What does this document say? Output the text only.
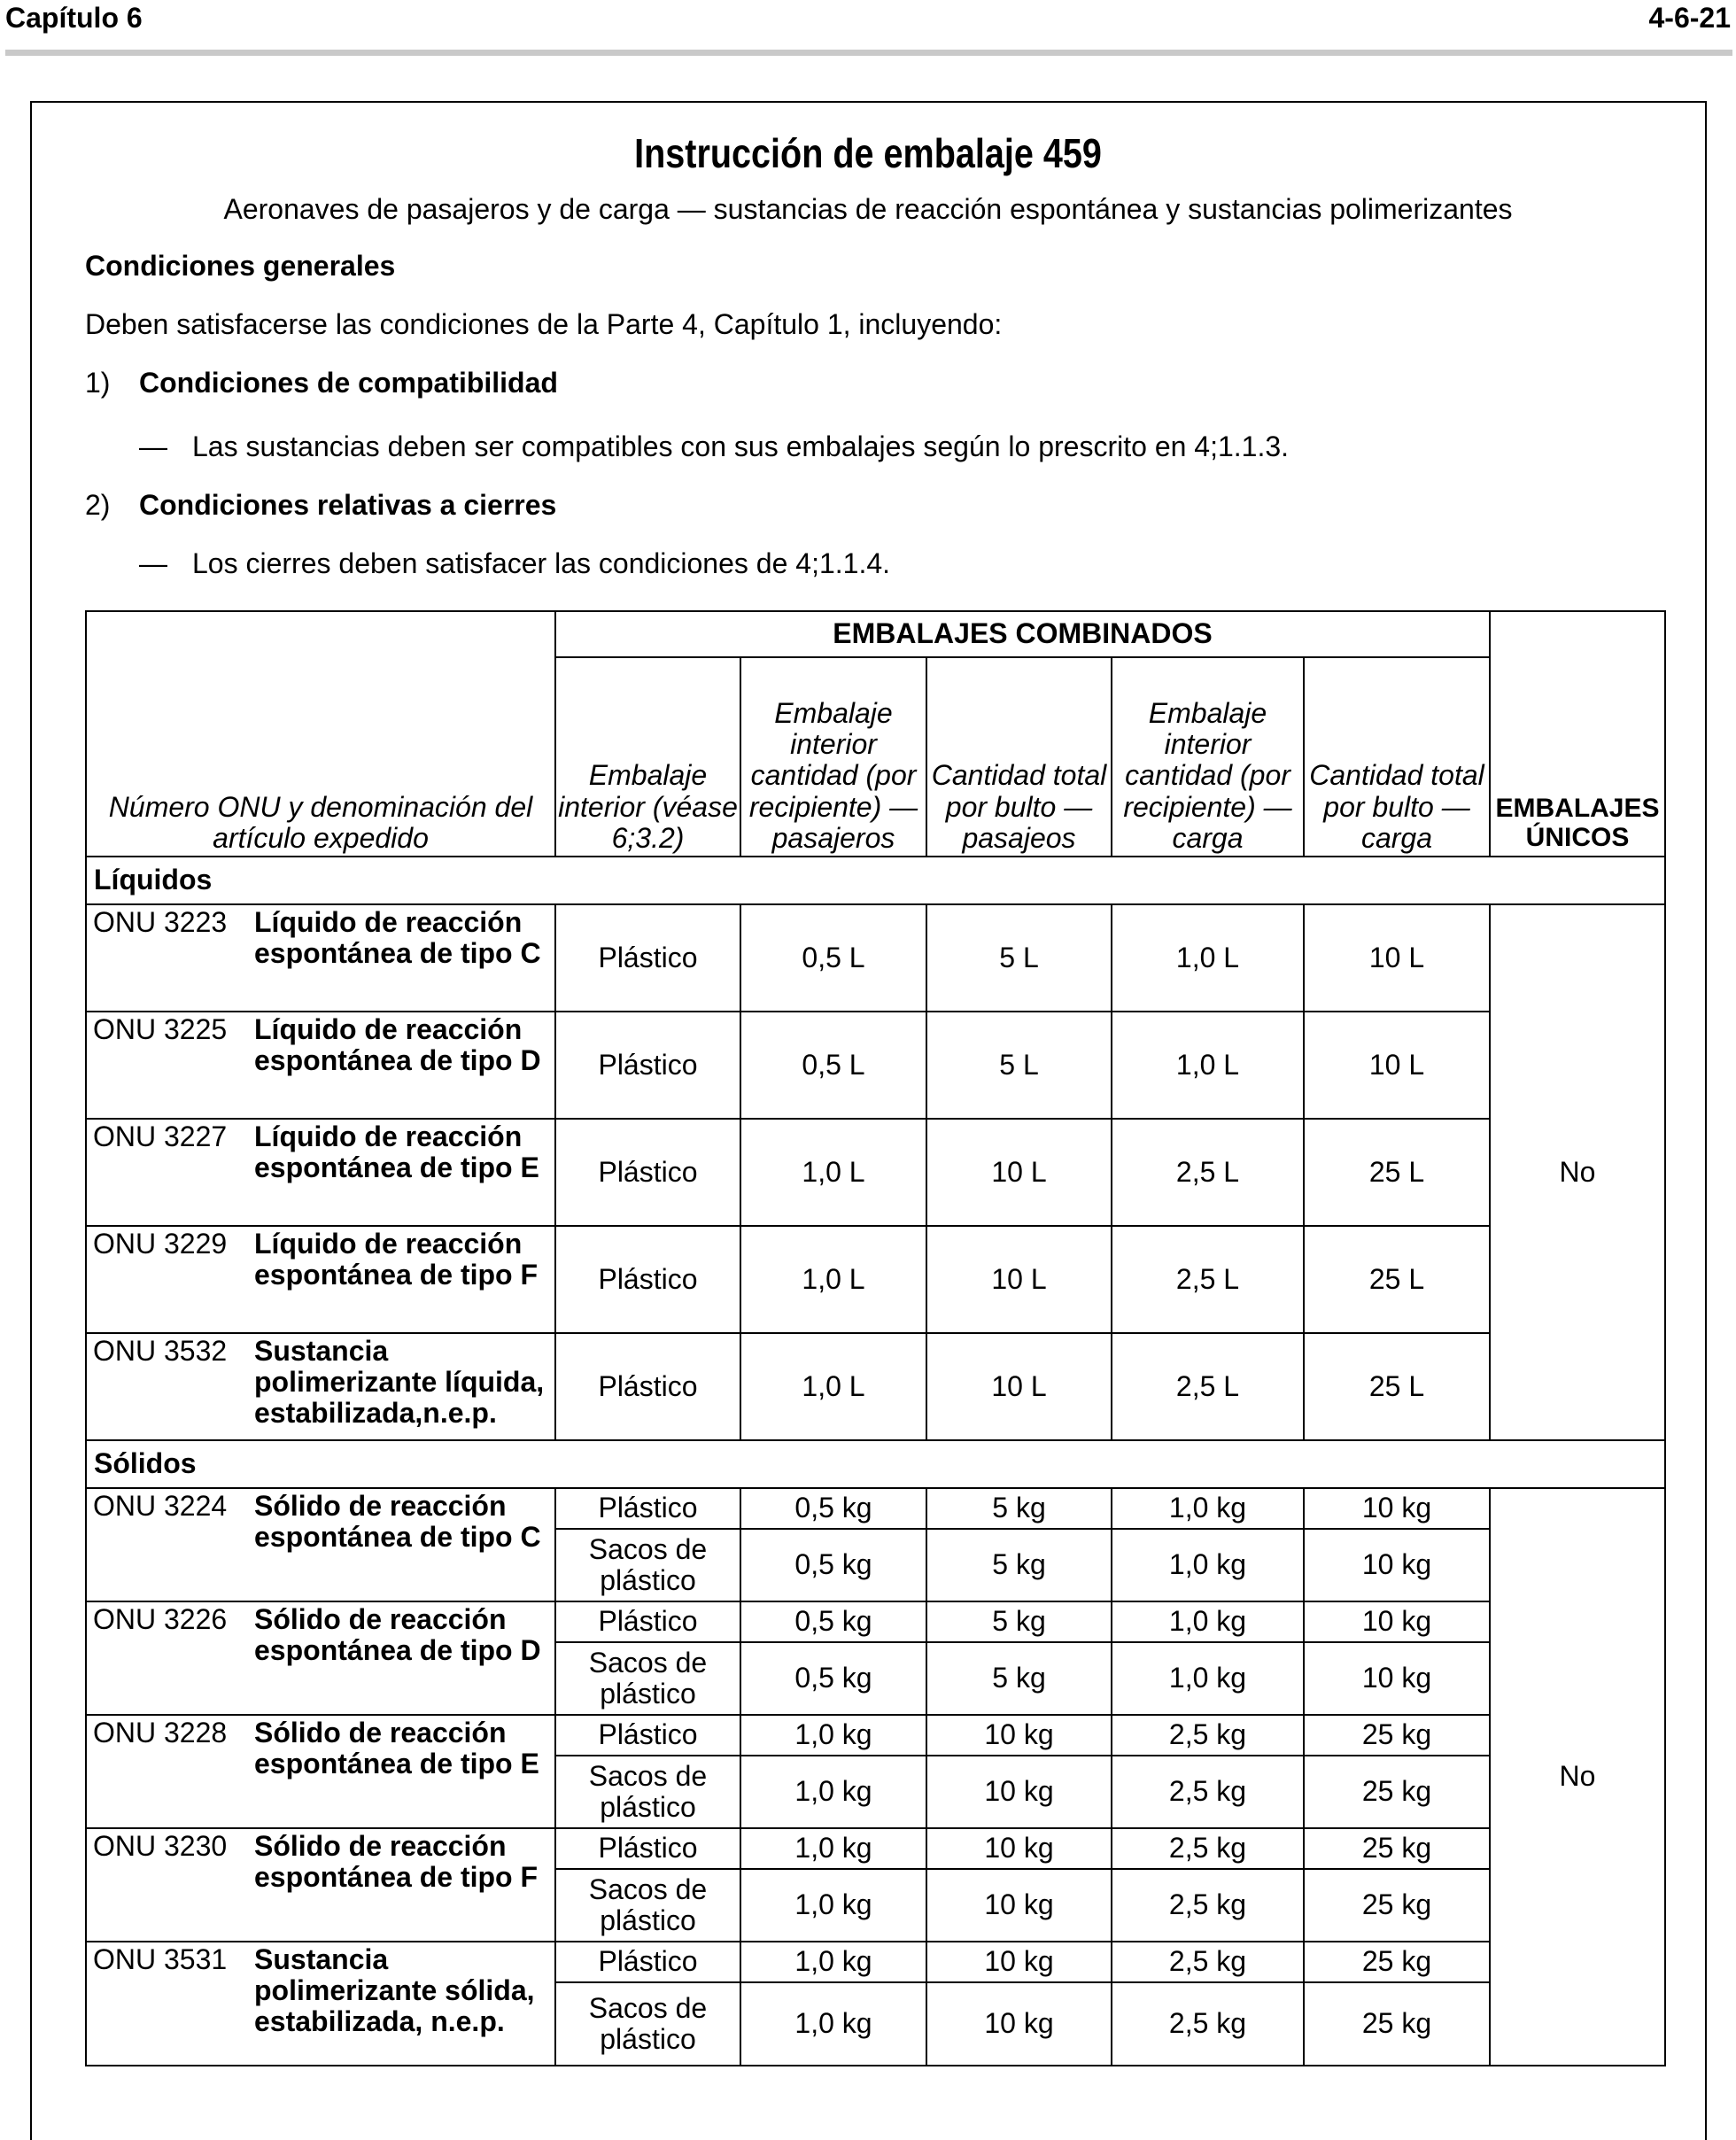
Capítulo 6	4-6-21
Instrucción de embalaje 459
Aeronaves de pasajeros y de carga — sustancias de reacción espontánea y sustancias polimerizantes
Condiciones generales
Deben satisfacerse las condiciones de la Parte 4, Capítulo 1, incluyendo:
1) Condiciones de compatibilidad
— Las sustancias deben ser compatibles con sus embalajes según lo prescrito en 4;1.1.3.
2) Condiciones relativas a cierres
— Los cierres deben satisfacer las condiciones de 4;1.1.4.
Número ONU y denominación del artículo expedido	EMBALAJES COMBINADOS					EMBALAJES ÚNICOS
	Embalaje interior (véase 6;3.2)	Embalaje interior cantidad (por recipiente) — pasajeros	Cantidad total por bulto — pasajeos	Embalaje interior cantidad (por recipiente) — carga	Cantidad total por bulto — carga	
Líquidos						

ONU 3223 Líquido de reacción espontánea de tipo C	Plástico	0,5 L	5 L	1,0 L	10 L	No

ONU 3225 Líquido de reacción espontánea de tipo D	Plástico	0,5 L	5 L	1,0 L	10 L	

ONU 3227 Líquido de reacción espontánea de tipo E	Plástico	1,0 L	10 L	2,5 L	25 L	

ONU 3229 Líquido de reacción espontánea de tipo F	Plástico	1,0 L	10 L	2,5 L	25 L	

ONU 3532 Sustancia polimerizante líquida, estabilizada,n.e.p.	Plástico	1,0 L	10 L	2,5 L	25 L	
Sólidos						

ONU 3224 Sólido de reacción espontánea de tipo C	Plástico	0,5 kg	5 kg	1,0 kg	10 kg	No
	Sacos de plástico	0,5 kg	5 kg	1,0 kg	10 kg	

ONU 3226 Sólido de reacción espontánea de tipo D	Plástico	0,5 kg	5 kg	1,0 kg	10 kg	
	Sacos de plástico	0,5 kg	5 kg	1,0 kg	10 kg	

ONU 3228 Sólido de reacción espontánea de tipo E	Plástico	1,0 kg	10 kg	2,5 kg	25 kg	
	Sacos de plástico	1,0 kg	10 kg	2,5 kg	25 kg	

ONU 3230 Sólido de reacción espontánea de tipo F	Plástico	1,0 kg	10 kg	2,5 kg	25 kg	
	Sacos de plástico	1,0 kg	10 kg	2,5 kg	25 kg	

ONU 3531 Sustancia polimerizante sólida, estabilizada, n.e.p.	Plástico	1,0 kg	10 kg	2,5 kg	25 kg	
	Sacos de plástico	1,0 kg	10 kg	2,5 kg	25 kg	
